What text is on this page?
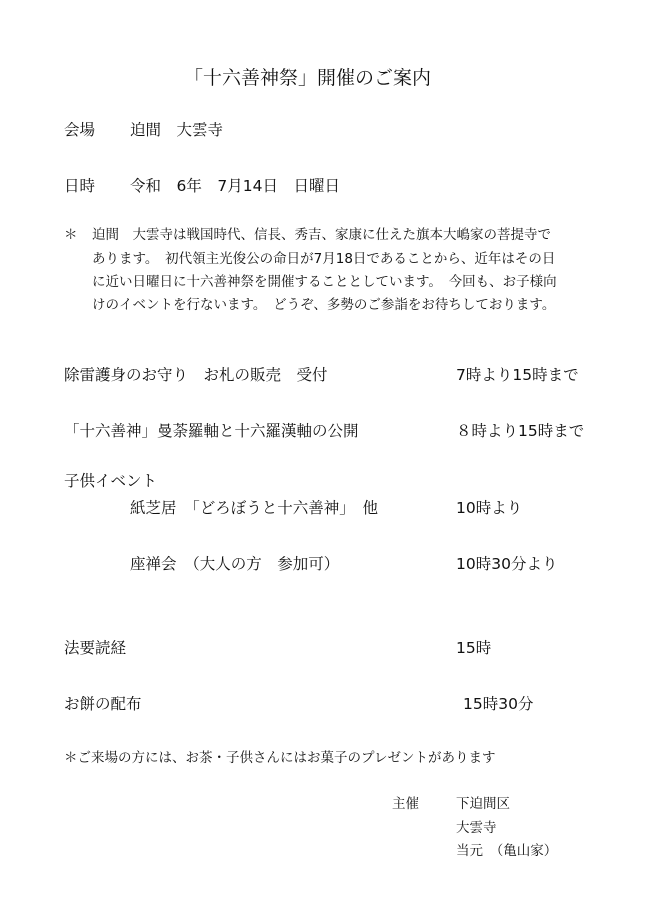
「十六善神祭」開催のご案内
会場 迫間　大雲寺
日時 令和　6年　7月14日　日曜日
＊ 迫間　大雲寺は戦国時代、信長、秀吉、家康に仕えた旗本大嶋家の菩提寺で
あります。　初代領主光俊公の命日が7月18日であることから、近年はその日
に近い日曜日に十六善神祭を開催することとしています。　今回も、お子様向
けのイベントを行ないます。　どうぞ、多勢のご参詣をお待ちしております。
除雷護身のお守り　お札の販売　受付	7時より15時まで
「十六善神」曼荼羅軸と十六羅漢軸の公開	８時より15時まで
子供イベント
紙芝居　「どろぼうと十六善神」　他	10時より
座禅会　（大人の方　参加可）	10時30分より
法要読経	15時
お餅の配布	15時30分
＊ご来場の方には、お茶・子供さんにはお菓子のプレゼントがあります
主催	下迫間区
大雲寺
当元　（亀山家）
